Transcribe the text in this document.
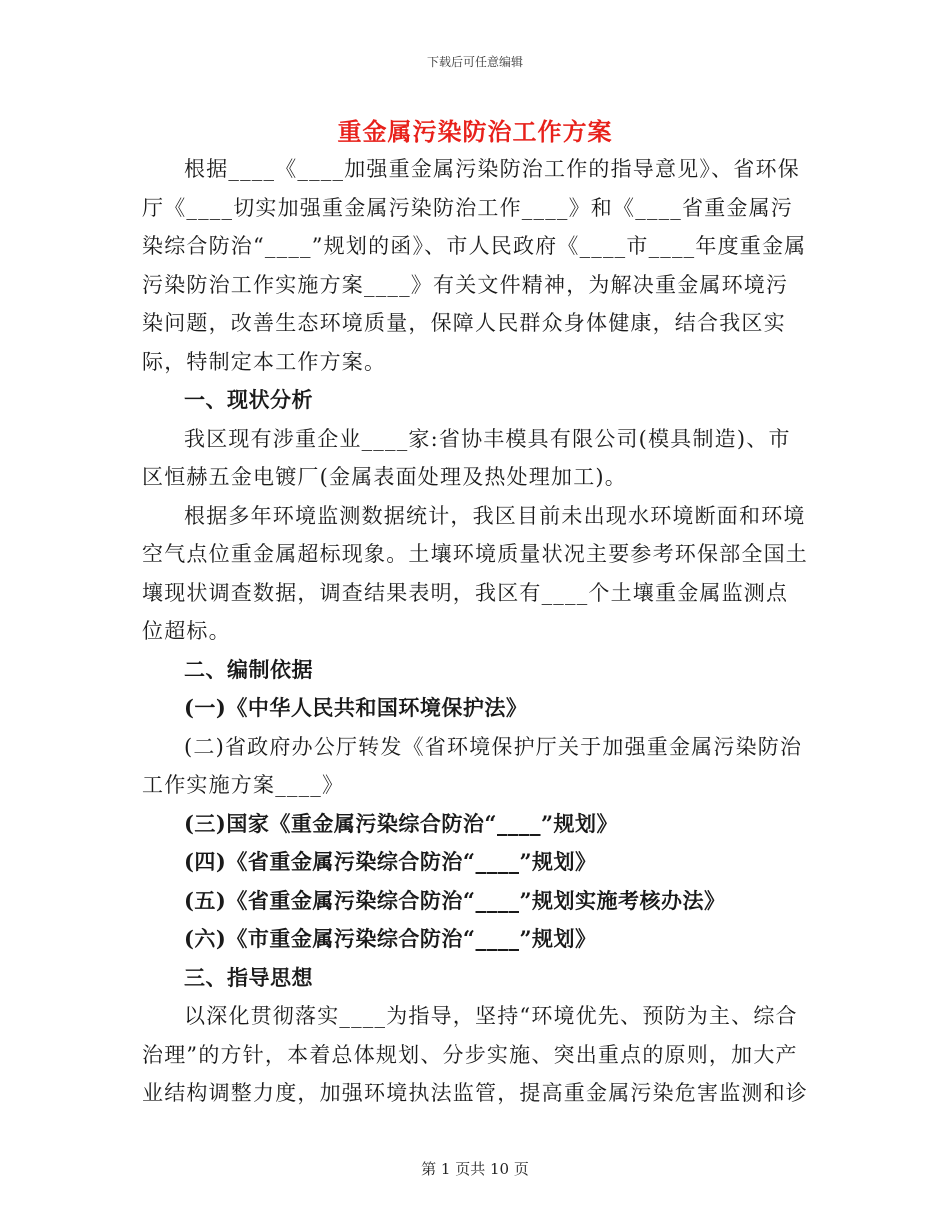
下载后可任意编辑
重金属污染防治工作方案

根据____《____加强重金属污染防治工作的指导意见》、省环保厅《____切实加强重金属污染防治工作____》和《____省重金属污染综合防治“____”规划的函》、市人民政府《____市____年度重金属污染防治工作实施方案____》有关文件精神，为解决重金属环境污染问题，改善生态环境质量，保障人民群众身体健康，结合我区实际，特制定本工作方案。

一、现状分析

我区现有涉重企业____家:省协丰模具有限公司(模具制造)、市区恒赫五金电镀厂(金属表面处理及热处理加工)。

根据多年环境监测数据统计，我区目前未出现水环境断面和环境空气点位重金属超标现象。土壤环境质量状况主要参考环保部全国土壤现状调查数据，调查结果表明，我区有____个土壤重金属监测点位超标。

二、编制依据

(一)《中华人民共和国环境保护法》

(二)省政府办公厅转发《省环境保护厅关于加强重金属污染防治工作实施方案____》

(三)国家《重金属污染综合防治“____”规划》

(四)《省重金属污染综合防治“____”规划》

(五)《省重金属污染综合防治“____”规划实施考核办法》

(六)《市重金属污染综合防治“____”规划》

三、指导思想

以深化贯彻落实____为指导，坚持“环境优先、预防为主、综合治理”的方针，本着总体规划、分步实施、突出重点的原则，加大产业结构调整力度，加强环境执法监管，提高重金属污染危害监测和诊

第 1 页共 10 页
